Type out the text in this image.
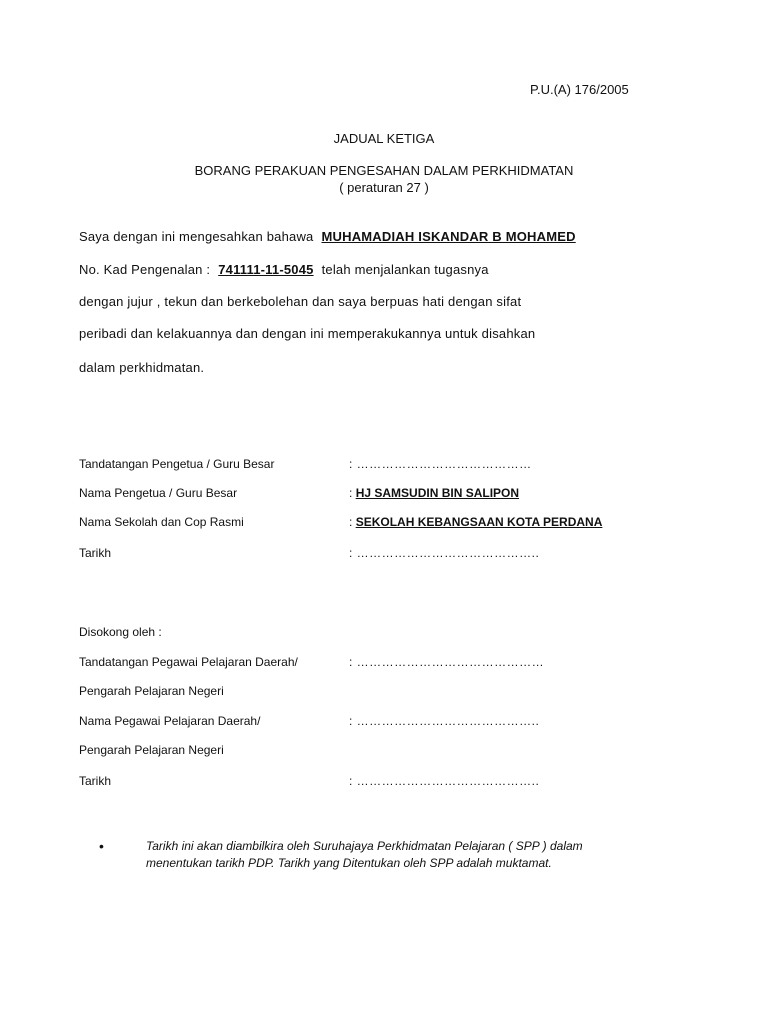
P.U.(A) 176/2005
JADUAL KETIGA
BORANG PERAKUAN PENGESAHAN DALAM PERKHIDMATAN
( peraturan 27 )
Saya dengan ini mengesahkan bahawa MUHAMADIAH ISKANDAR B MOHAMED
No. Kad Pengenalan : 741111-11-5045 telah menjalankan tugasnya
dengan jujur , tekun dan berkebolehan dan saya berpuas hati dengan sifat
peribadi dan kelakuannya dan dengan ini memperakukannya untuk disahkan
dalam perkhidmatan.
Tandatangan Pengetua / Guru Besar	: ……………………………………
Nama Pengetua / Guru Besar	: HJ SAMSUDIN BIN SALIPON
Nama Sekolah dan Cop Rasmi	: SEKOLAH KEBANGSAAN KOTA PERDANA
Tarikh	: ……………………………………..
Disokong oleh :
Tandatangan Pegawai Pelajaran Daerah/	: ………………………………………
Pengarah Pelajaran Negeri
Nama Pegawai Pelajaran Daerah/	: ……………………………………..
Pengarah Pelajaran Negeri
Tarikh	: ……………………………………..
•	Tarikh ini akan diambilkira oleh Suruhajaya Perkhidmatan Pelajaran ( SPP ) dalam menentukan tarikh PDP. Tarikh yang Ditentukan oleh SPP adalah muktamat.
